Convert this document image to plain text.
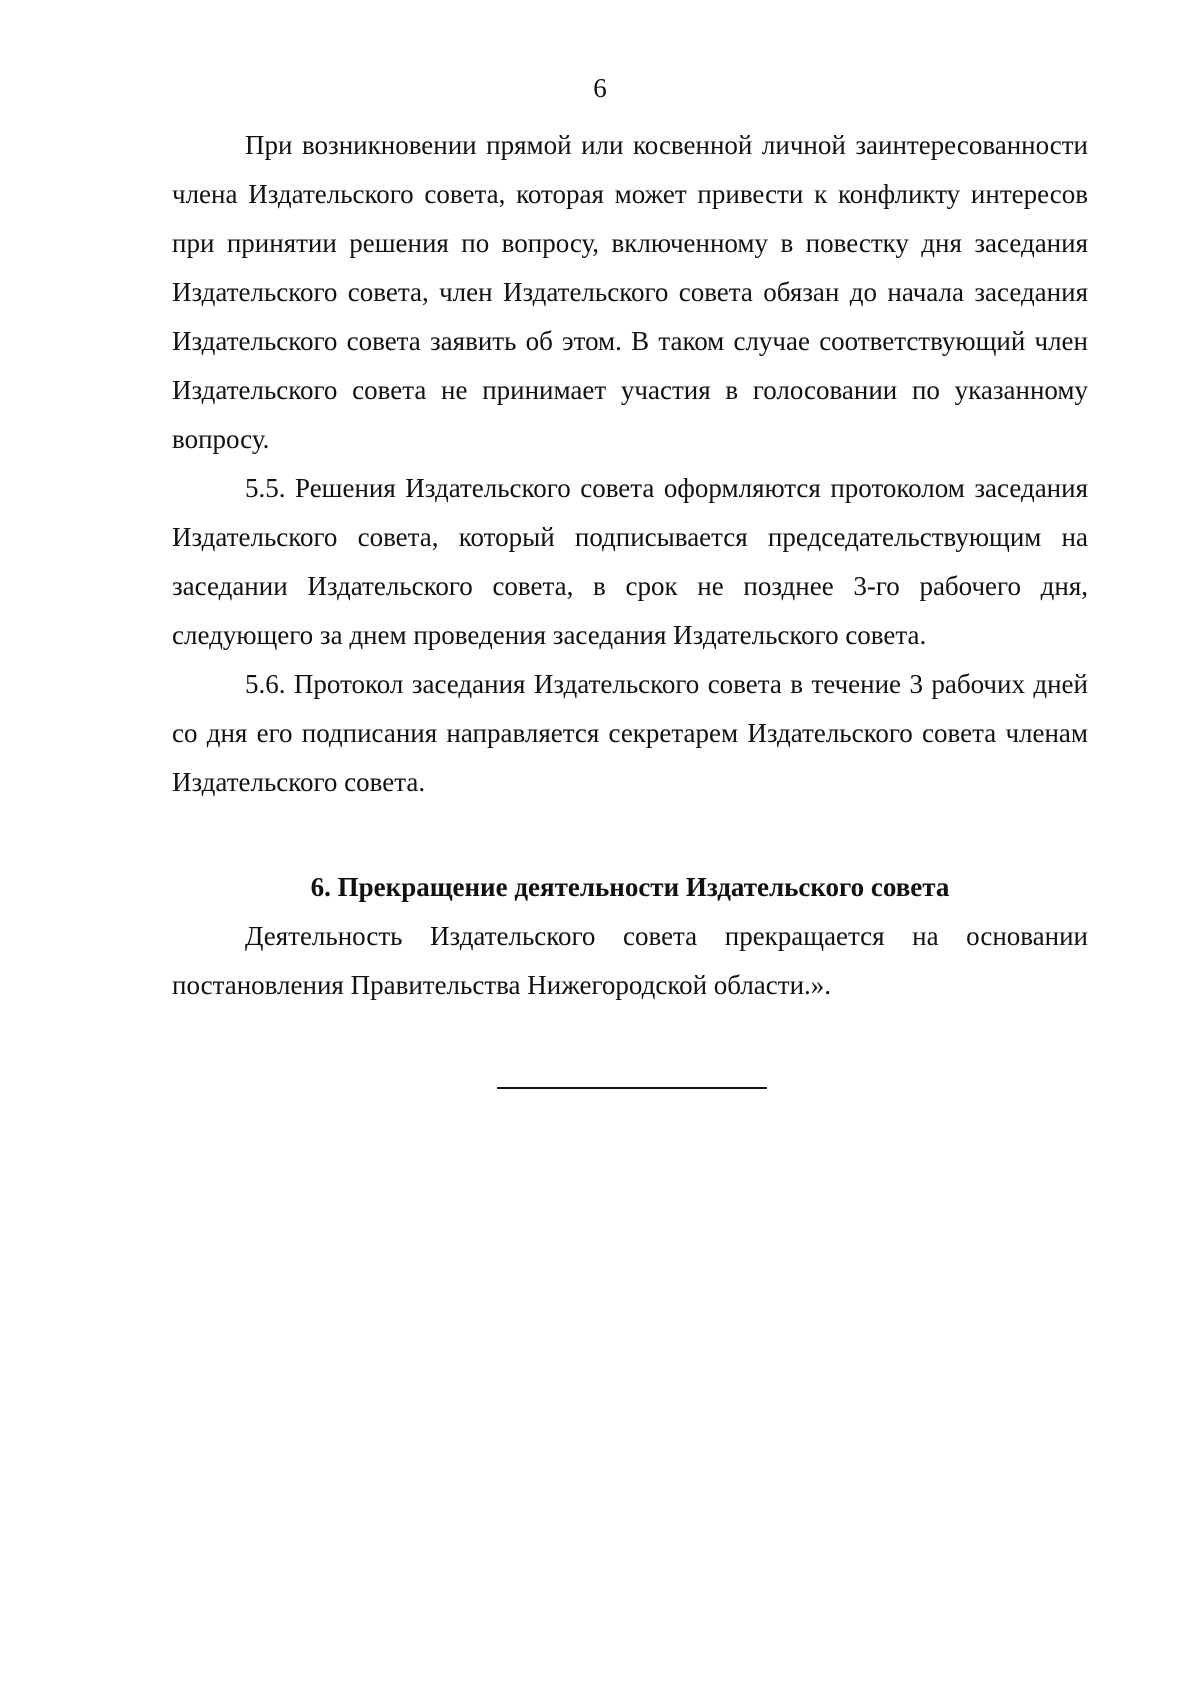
6

При возникновении прямой или косвенной личной заинтересованности члена Издательского совета, которая может привести к конфликту интересов при принятии решения по вопросу, включенному в повестку дня заседания Издательского совета, член Издательского совета обязан до начала заседания Издательского совета заявить об этом. В таком случае соответствующий член Издательского совета не принимает участия в голосовании по указанному вопросу.

5.5. Решения Издательского совета оформляются протоколом заседания Издательского совета, который подписывается председательствующим на заседании Издательского совета, в срок не позднее 3-го рабочего дня, следующего за днем проведения заседания Издательского совета.

5.6. Протокол заседания Издательского совета в течение 3 рабочих дней со дня его подписания направляется секретарем Издательского совета членам Издательского совета.

6. Прекращение деятельности Издательского совета

Деятельность Издательского совета прекращается на основании постановления Правительства Нижегородской области.».
